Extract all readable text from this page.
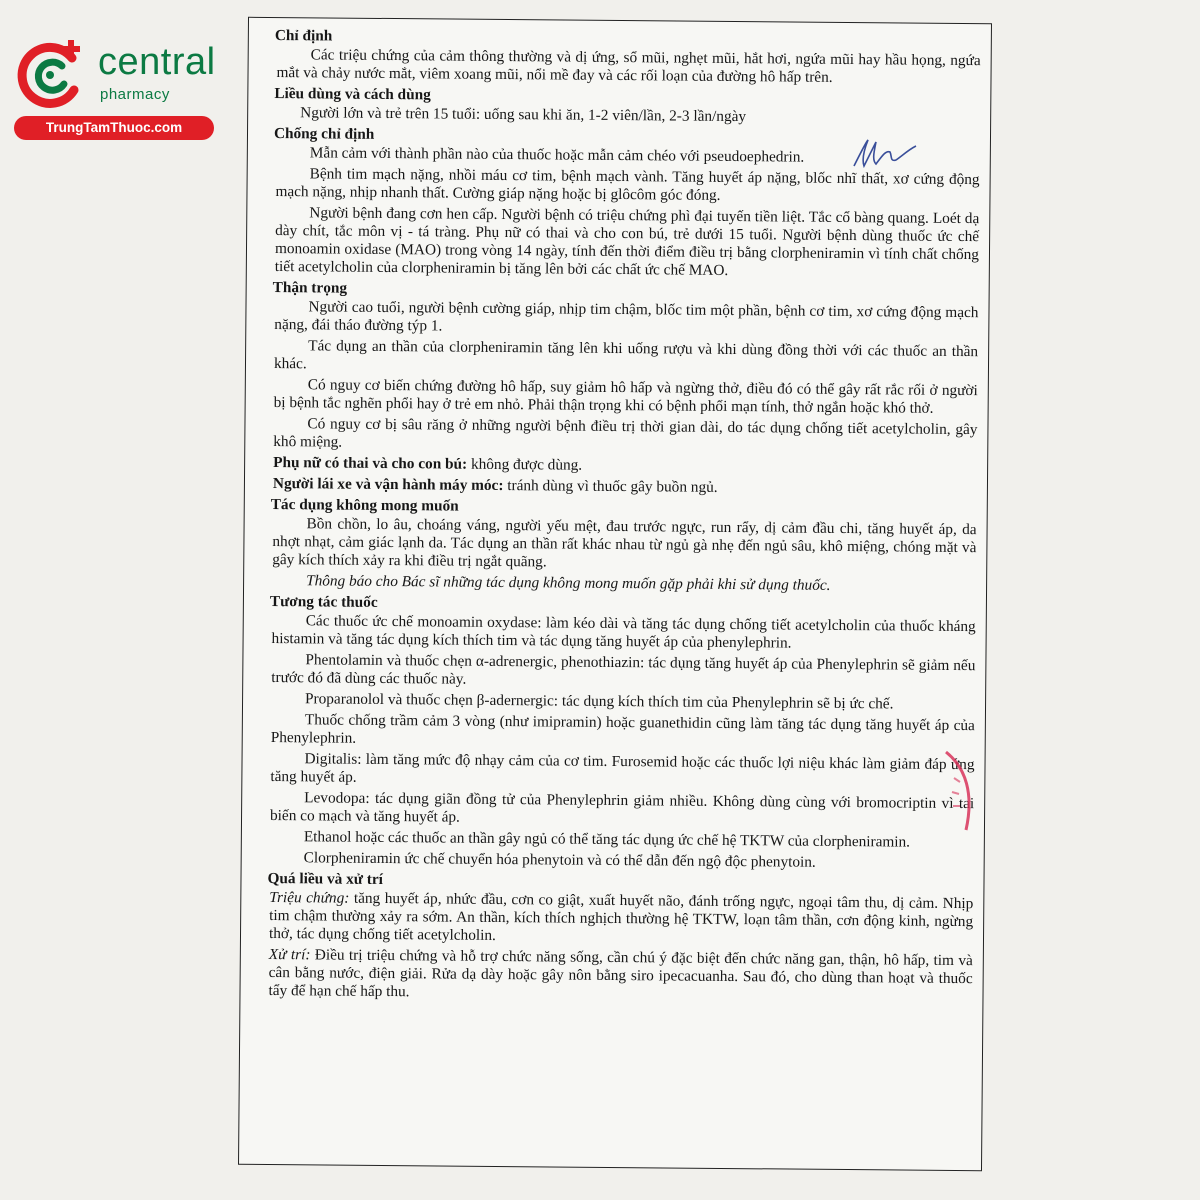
central
pharmacy
TrungTamThuoc.com

Chỉ định

Các triệu chứng của cảm thông thường và dị ứng, sổ mũi, nghẹt mũi, hắt hơi, ngứa mũi hay hầu họng, ngứa mắt và chảy nước mắt, viêm xoang mũi, nổi mề đay và các rối loạn của đường hô hấp trên.

Liều dùng và cách dùng

Người lớn và trẻ trên 15 tuổi: uống sau khi ăn, 1-2 viên/lần, 2-3 lần/ngày

Chống chỉ định

Mẫn cảm với thành phần nào của thuốc hoặc mẫn cảm chéo với pseudoephedrin.

Bệnh tim mạch nặng, nhồi máu cơ tim, bệnh mạch vành. Tăng huyết áp nặng, blốc nhĩ thất, xơ cứng động mạch nặng, nhịp nhanh thất. Cường giáp nặng hoặc bị glôcôm góc đóng.

Người bệnh đang cơn hen cấp. Người bệnh có triệu chứng phì đại tuyến tiền liệt. Tắc cổ bàng quang. Loét dạ dày chít, tắc môn vị - tá tràng. Phụ nữ có thai và cho con bú, trẻ dưới 15 tuổi. Người bệnh dùng thuốc ức chế monoamin oxidase (MAO) trong vòng 14 ngày, tính đến thời điểm điều trị bằng clorpheniramin vì tính chất chống tiết acetylcholin của clorpheniramin bị tăng lên bởi các chất ức chế MAO.

Thận trọng

Người cao tuổi, người bệnh cường giáp, nhịp tim chậm, blốc tim một phần, bệnh cơ tim, xơ cứng động mạch nặng, đái tháo đường týp 1.

Tác dụng an thần của clorpheniramin tăng lên khi uống rượu và khi dùng đồng thời với các thuốc an thần khác.

Có nguy cơ biến chứng đường hô hấp, suy giảm hô hấp và ngừng thở, điều đó có thể gây rất rắc rối ở người bị bệnh tắc nghẽn phổi hay ở trẻ em nhỏ. Phải thận trọng khi có bệnh phổi mạn tính, thở ngắn hoặc khó thở.

Có nguy cơ bị sâu răng ở những người bệnh điều trị thời gian dài, do tác dụng chống tiết acetylcholin, gây khô miệng.

Phụ nữ có thai và cho con bú: không được dùng.

Người lái xe và vận hành máy móc: tránh dùng vì thuốc gây buồn ngủ.

Tác dụng không mong muốn

Bồn chồn, lo âu, choáng váng, người yếu mệt, đau trước ngực, run rẩy, dị cảm đầu chi, tăng huyết áp, da nhợt nhạt, cảm giác lạnh da. Tác dụng an thần rất khác nhau từ ngủ gà nhẹ đến ngủ sâu, khô miệng, chóng mặt và gây kích thích xảy ra khi điều trị ngắt quãng.

Thông báo cho Bác sĩ những tác dụng không mong muốn gặp phải khi sử dụng thuốc.

Tương tác thuốc

Các thuốc ức chế monoamin oxydase: làm kéo dài và tăng tác dụng chống tiết acetylcholin của thuốc kháng histamin và tăng tác dụng kích thích tim và tác dụng tăng huyết áp của phenylephrin.

Phentolamin và thuốc chẹn α-adrenergic, phenothiazin: tác dụng tăng huyết áp của Phenylephrin sẽ giảm nếu trước đó đã dùng các thuốc này.

Proparanolol và thuốc chẹn β-adernergic: tác dụng kích thích tim của Phenylephrin sẽ bị ức chế.

Thuốc chống trầm cảm 3 vòng (như imipramin) hoặc guanethidin cũng làm tăng tác dụng tăng huyết áp của Phenylephrin.

Digitalis: làm tăng mức độ nhạy cảm của cơ tim. Furosemid hoặc các thuốc lợi niệu khác làm giảm đáp ứng tăng huyết áp.

Levodopa: tác dụng giãn đồng tử của Phenylephrin giảm nhiều. Không dùng cùng với bromocriptin vì tai biến co mạch và tăng huyết áp.

Ethanol hoặc các thuốc an thần gây ngủ có thể tăng tác dụng ức chế hệ TKTW của clorpheniramin.

Clorpheniramin ức chế chuyển hóa phenytoin và có thể dẫn đến ngộ độc phenytoin.

Quá liều và xử trí

Triệu chứng: tăng huyết áp, nhức đầu, cơn co giật, xuất huyết não, đánh trống ngực, ngoại tâm thu, dị cảm. Nhịp tim chậm thường xảy ra sớm. An thần, kích thích nghịch thường hệ TKTW, loạn tâm thần, cơn động kinh, ngừng thở, tác dụng chống tiết acetylcholin.

Xử trí: Điều trị triệu chứng và hỗ trợ chức năng sống, cần chú ý đặc biệt đến chức năng gan, thận, hô hấp, tim và cân bằng nước, điện giải. Rửa dạ dày hoặc gây nôn bằng siro ipecacuanha. Sau đó, cho dùng than hoạt và thuốc tẩy để hạn chế hấp thu.
